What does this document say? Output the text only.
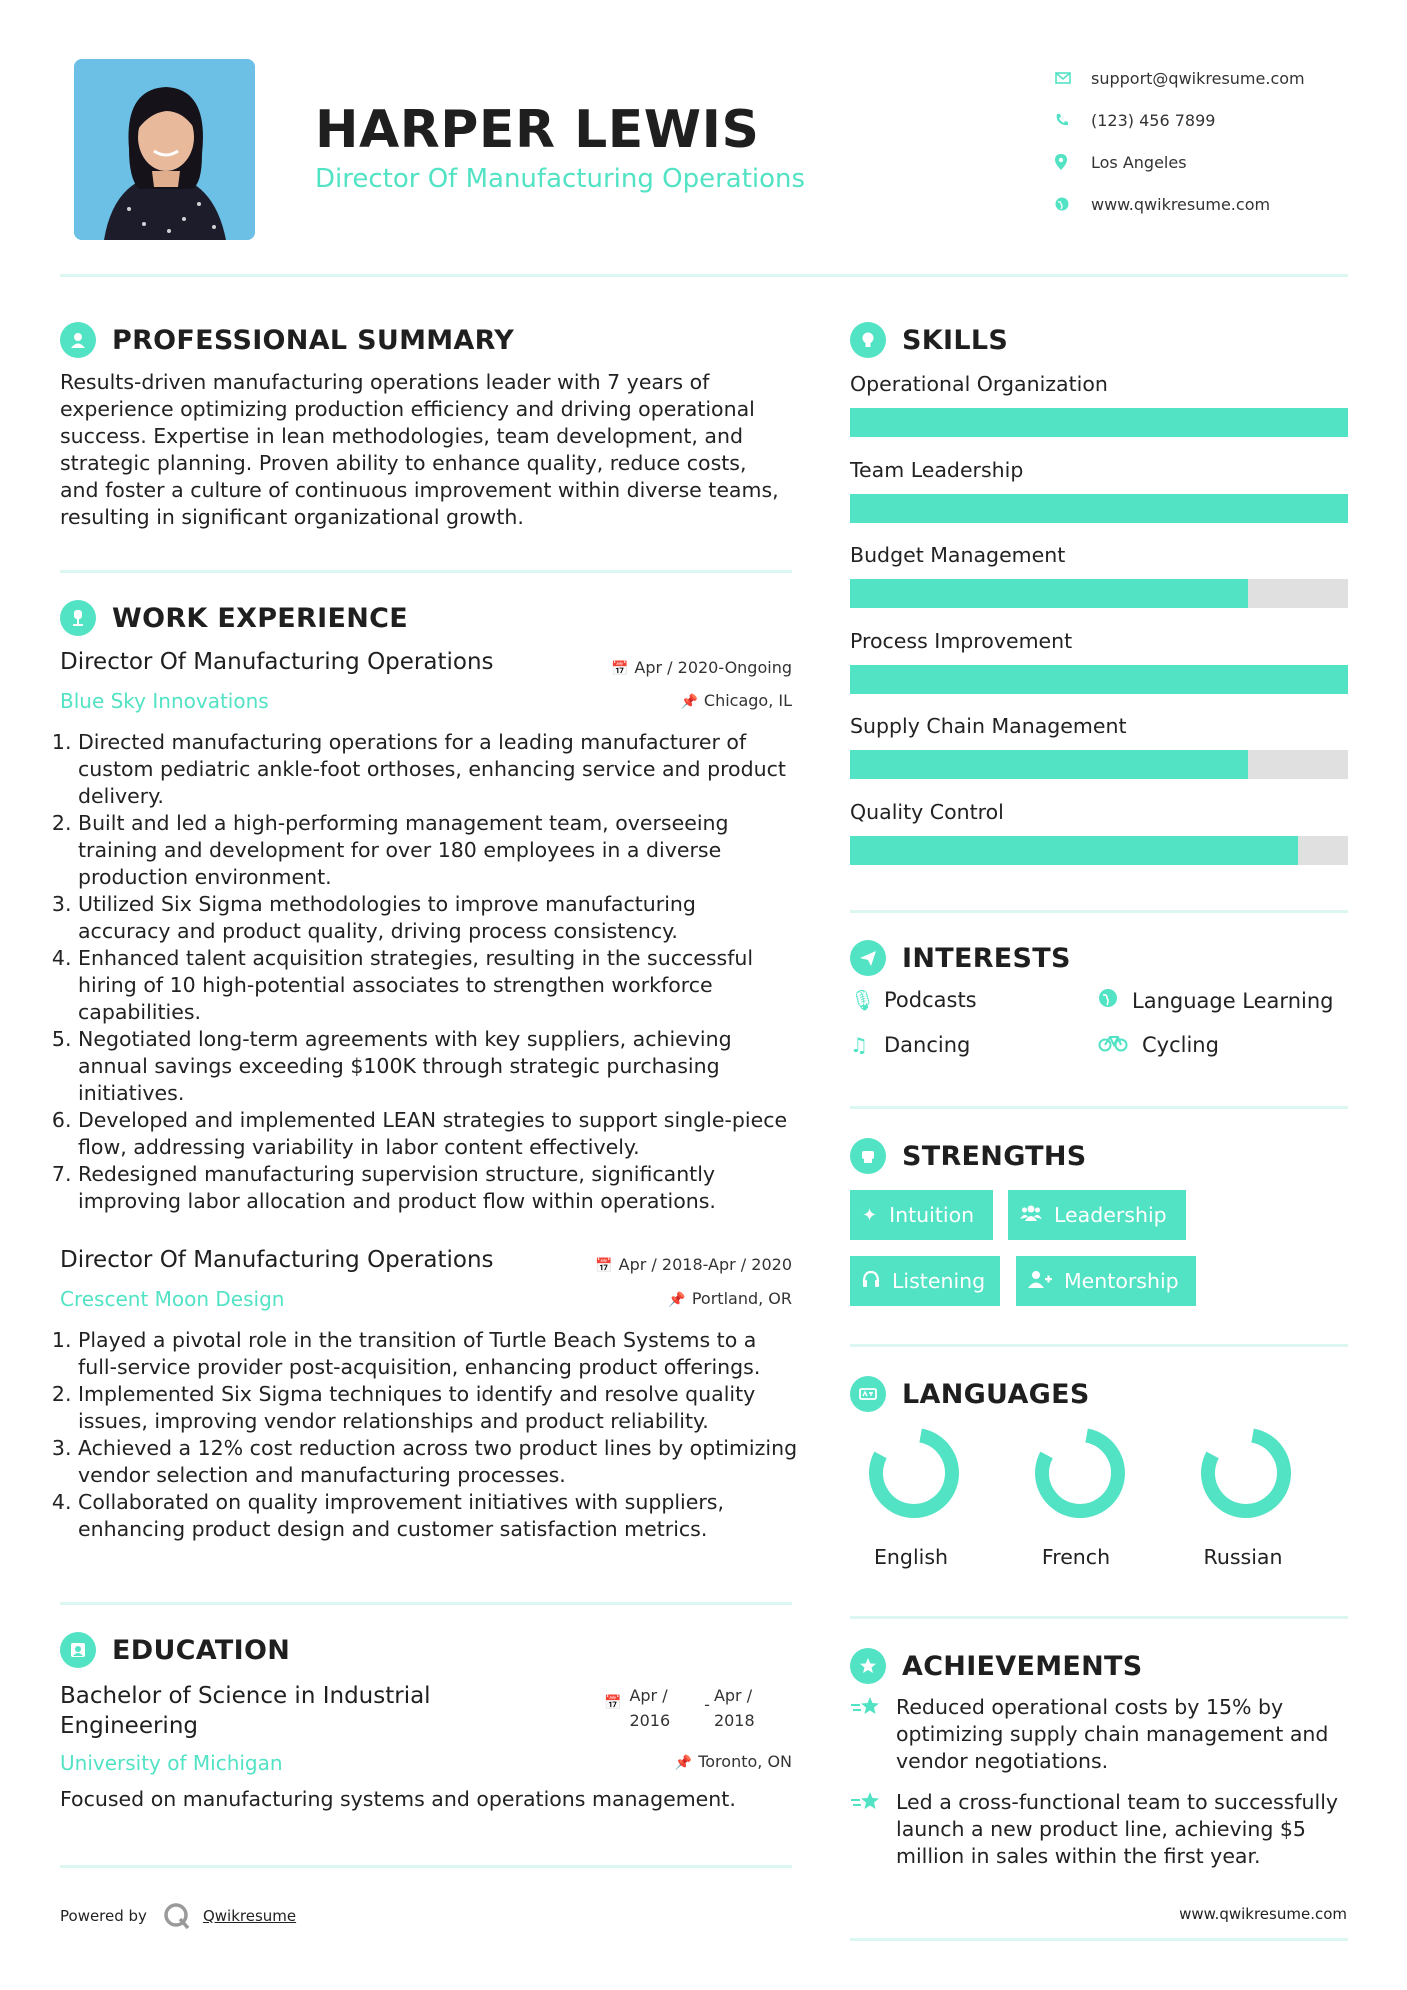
HARPER LEWIS
Director Of Manufacturing Operations
support@qwikresume.com
(123) 456 7899
Los Angeles
www.qwikresume.com
PROFESSIONAL SUMMARY
Results-driven manufacturing operations leader with 7 years of
experience optimizing production efficiency and driving operational
success. Expertise in lean methodologies, team development, and
strategic planning. Proven ability to enhance quality, reduce costs,
and foster a culture of continuous improvement within diverse teams,
resulting in significant organizational growth.
WORK EXPERIENCE
Director Of Manufacturing Operations
Blue Sky Innovations
📅 Apr / 2020-Ongoing
📌 Chicago, IL
1. Directed manufacturing operations for a leading manufacturer of custom pediatric ankle-foot orthoses, enhancing service and product delivery.
2. Built and led a high-performing management team, overseeing training and development for over 180 employees in a diverse production environment.
3. Utilized Six Sigma methodologies to improve manufacturing accuracy and product quality, driving process consistency.
4. Enhanced talent acquisition strategies, resulting in the successful hiring of 10 high-potential associates to strengthen workforce capabilities.
5. Negotiated long-term agreements with key suppliers, achieving annual savings exceeding $100K through strategic purchasing initiatives.
6. Developed and implemented LEAN strategies to support single-piece flow, addressing variability in labor content effectively.
7. Redesigned manufacturing supervision structure, significantly improving labor allocation and product flow within operations.
Director Of Manufacturing Operations
Crescent Moon Design
📅 Apr / 2018-Apr / 2020
📌 Portland, OR
1. Played a pivotal role in the transition of Turtle Beach Systems to a full-service provider post-acquisition, enhancing product offerings.
2. Implemented Six Sigma techniques to identify and resolve quality issues, improving vendor relationships and product reliability.
3. Achieved a 12% cost reduction across two product lines by optimizing vendor selection and manufacturing processes.
4. Collaborated on quality improvement initiatives with suppliers, enhancing product design and customer satisfaction metrics.
EDUCATION
Bachelor of Science in Industrial
Engineering
University of Michigan
📅 Apr /
2016
- Apr /
2018
📌 Toronto, ON
Focused on manufacturing systems and operations management.
SKILLS
Operational Organization
Team Leadership
Budget Management
Process Improvement
Supply Chain Management
Quality Control
INTERESTS
🎙 Podcasts	Language Learning
♫ Dancing	Cycling
STRENGTHS
✦ Intuition	Leadership
Listening	Mentorship
LANGUAGES
English	French	Russian
ACHIEVEMENTS
Reduced operational costs by 15% by optimizing supply chain management and vendor negotiations.
Led a cross-functional team to successfully launch a new product line, achieving $5 million in sales within the first year.
Powered by	Qwikresume	www.qwikresume.com
